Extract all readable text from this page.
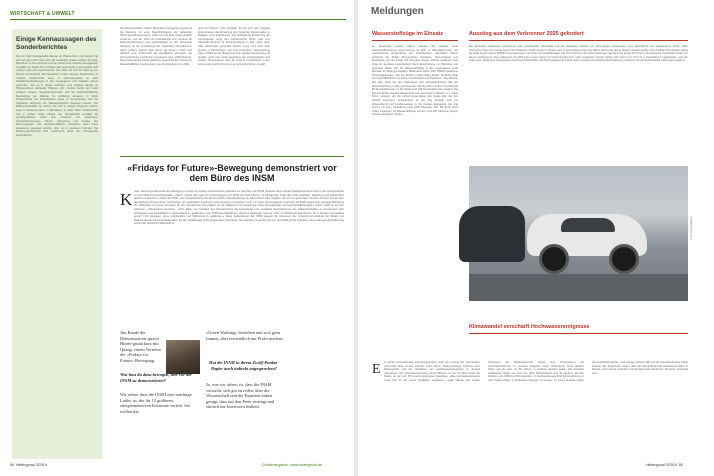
WIRTSCHAFT & UMWELT
Einige Kennaussagen des Sonderberichtes
Die pro Kopf bereitgestellte Menge an Pflanzenölen und Fleisch hat sich seit dem Jahr 1961 mehr als verdoppelt. Zudem werden für jeden Menschen im Durchschnitt rund ein Drittel mehr Kalorien bereitgestellt. Ungefähr ein Viertel bis ein Drittel aller produzierten Lebensmittel geht verloren oder wird verschwendet. Seit 1961 hat sich die Nutzung von Dünger verneunfacht. Die Vegetation in Asien, Europa, Südamerika, im mittleren Nordamerika sowie in Südostaustralien ist nach Satellitenbeobachtungen in den vergangenen drei Dekaden grüner geworden, weil es in diesen Gebieten eine größere Menge an Photosynthese treibender Pflanzen gibt. Gründe hierfür sind unter anderem längere Vegetationsperioden und die landwirtschaftliche Bearbeitung von Flächen. Im nördlichen Eurasien, in Teilen Nordamerikas und Zentralasiens sowie im Kongobecken wird die Vegetation aufgrund von Wasserknappheit dagegen brauner. Die Wahrscheinlichkeit für Dürren hat sich in einigen Regionen erhöht, etwa im Mittelmeerraum, in Westasien, in vielen Teilen Südamerikas und in großen Teilen Afrikas. Der Klimawandel verstärkt die Landdegradation durch eine Zunahme von Starkregen, Überschwemmungen, Dürren, Hitzestress und Anstieg des Meeresspiegels. Die landwirtschaftliche Produktion kann durch Anpassung gesteigert werden, aber nur in gewissen Grenzen. Die Ernährungssicherheit wird zunehmend durch den Klimawandel beeinträchtigt.
die Hilfsorganisation Oxfam. Besonders besorgniserregend sei die Warnung vor einer Beeinträchtigung der weltweiten Nahrungsmittelversorgung, sollte sich die Erde weiter deutlich erwärmen. Aus der Sicht von Livia Rasche vom Centrum für Erdsystemforschung und Nachhaltigkeit an der Universität Hamburg ist die Entwicklung der Vegetation überraschend. «Eine größere Fläche wird grüner als braun.» Noch wird dadurch mehr Kohlenstoff auf Landflächen gebunden, als durch Abholzung und Rodung freigesetzt wird, erklärt Rasche. Diese Entwicklung werde allerdings angesichts des Trends zur klimaschädlichen Landnutzung, wie der Zerstörung von Wäl-
dern und Mooren, nicht anhalten. So hat sich nach jüngsten Erkenntnissen die Abholzung des tropischen Regenwaldes in Brasilien noch beschleunigt. Die ökologische Erwärmung der Landregionen sorgt den Klimaforscher Mojib Latif vom Helmholtz-Zentrum für Ozeanforschung in Kiel. «Das zeigt, dass schleunigst gehandelt werden muss, und zwar auch gerade in Deutschland, das eine besondere Verantwortung trägt.» Selbst bei der Begrenzung der globalen Erwärmung auf deutlich unter zwei Grad gegenüber der vorindustriellen Zeit würden Temperaturen über 40 Grad in Deutschland in den kommenden Jahrzehnten immer wahrscheinlicher, so Latif.
«Fridays for Future»-Bewegung demonstriert vor dem Büro des INSM
K napp 1000 junge Menschen der Bewegung «Fridays for Future» demonstrierten lautstark vor dem Büro der INSM (Initiative Neue Soziale Marktwirtschaft GmbH) in der Georgenstraße vor dem Bahnhof Friedrichstraße in Berlin. Anlass dazu gab ein Positionspapier der INSM mit zwölf Thesen zur Klimapolitik. Unter dem Titel «Sachlich, Wachstum und Klimaschutz gehören zusammen» erklärt die INSM: «Die Klimawandel ist die derzeit größte Herausforderung der Menschheit. Eine Aufgabe, die wir nur gemeinsam meistern können, bei der aber Deutschland mit innovativer Technologie, mit marktnahen Konzepten und Lösungen vorangehen muss.» In ihrem Positionspapier weist sich die INSM gegen eine einseitige Belastung der Wirtschaft und bietet Konzepte für den Klimaschutz und plädiert für die Stärkung und Ausweitung eines internationalen Emissionshandelssystems. Hierzu heißt es bei den Aktivisten: «Klimaschutz erreichen, «ohne allein aus Gründen des Klimaschutzes die bestehende und verteilbare Spezialisierung der Volkswirtschaften zu bevorzugen oder aufzugeben und Arbeitsplätze in Deutschland zu gefährden». Der INSM-Geschäftsführer Hubertus Pellengahr betonte: «Nur mit Marktwirtschaft können wir in Europa und weltweit gezielt CO2 einsparen, ohne Arbeitsplätze und Wohlstand zu gefährden.» Diese Selbstsbinger der INSM spiegelt die Interessen der Unternehmerverbände der Metall- und Elektroindustrie (Gesamtmetall) wider, die die marktliberale Lobbyorganisation finanzieren. Die operative Geschäft wird von der INSM GmbH betrieben, deren Alleingesellschafter das Institut der deutschen Wirtschaft ist.
Am Rande der Demonstration sprach Hinter-grund kurz mit Quang, einem Vertreter der «Fridays for Future»-Bewegung.
Was hast du dazu bewogen, hier vor der INSM zu demonstrieren?
Wir sehen, dass die INSM eine mächtige Lobby ist, die für 13 größeren, energieintensiven Konzerne vertritt. Sie wollen das
«Green Washing» betreiben und sich grün framen, aber letztendlich nur Profit machen.
Hat die INSM in ihrem Zwölf-Punkte-Papier auch indirekt angesprochen?
Ja, was wir sehen, ist, dass die INSM versucht, sich gut zu reden, über die Wissenschaft und die Experten haben gesagt, dass nur den Preis verringt und einfach nur Interessen bedient.
54 Hintergrund 3/2019	Quellenangaben: www.hintergrund.de
Meldungen
Wasserstoffzüge im Einsatz
Im September letzten Jahres startete der weltweit erste wasserstoffbetriebene Personenzug. Er fährt im Elbe-Weser-Netz, der emissionsfreie Regionalzug des französischen Herstellers Alstom verbindet die Städte Bremervörde, Cuxhaven, Bremerhaven und Buxtehude. Auf der knapp 100 Kilometer langen Strecke verkehren zwei Züge im regulären Linienbetrieb. Nach Einschätzung von Betreiber und Hersteller haben sich die Wasserstoffzüge in den vergangenen zwölf Monaten im Alltag gut bewährt. Mittlerweile haben über 180000 gefahrene Fahrzeugkilometer, was ein absolut problemloser Ablauf. Ähnliche Züge der Geschäftsführer von Alstom Deutschland und Österreich, Jörg Nikutta, laut dpa. Auch bei den Fahrgästen und Verkehrsbetrieben fällt der Wasserstoffzug im Alltag gut bewertet. Die Zug fährt mit dem Durchschnitt 80 Stundenkilometer, in der Spitze sind 140 Stundenkilometer möglich. Die Brennstoffzelle wandelt Wasserstoff und Sauerstoff in Wasser um, wobei Strom entsteht, der die Lithium-Ionen-Akkus des Zuges lädt, die den Antrieb versorgen. Emissionsfrei ist der Zug deshalb, weil nur Wasserdampf und Kondenswasser in die Umwelt abgegeben. Ein Zug kommt mit einer Tankfüllung etwa 1000 Kilometer weit. Bis Ende 2021 sollen insgesamt 14 Wasserstoffzüge auf der rund 100 Kilometer langen Strecke eingesetzt werden.
Ausstieg aus dem Verbrenner 2025 gefordert
Die deutschen Autobauer verzeichnen trotz vereinfachter Klimaziele und der weltweiten Abkehr von schmutzigen Verbrennern eine Rekordzahl neu zugelassener SUVs. Nach Hochrechnungen des Center Automotive Research (CAR) werden in diesem Jahr in Deutschland etwa eine Million Fahrzeuge dieser Klasse verkauft werden. Das Kraftfahrt-Bundesamt zählte bis Ende August bereits 680000 Neuzulassungen von SUV und Geländewagen. Der SUV-Anteil an den Neuzulassungen lag damit bei knapp 30 Prozent. Die Deutsche Umwelthilfe fordert vor diesem Hintergrund, dass spätestens ab 2025 keine neuen Autos mit Verbrennungsmotor mehr zugelassen werden dürfen. Der Trend zum SUV ist in Deutschland ungebrochen, sagt der Leiter einer Studie des Autoexperten Ferdinand Dudenhöffer. Die Bundesregierung müsse rasch mit einer steuerlichen Mehrbelastung schwerer und verbrauchsstarker Fahrzeuge reagieren.
Foto: picture alliance
Klimawandel verschärft Hochwasserereignisse
E in großes internationales Forschungsprojekt unter der Leitung der Technischen Universität Wien konnte erstmals einen klaren Zusammenhang zwischen dem Klimawandel und der Häufigkeit von Hochwasserereignissen in Europa nachweisen. Der Hochwasserexperte Günter Blöschl von der TU Wien leitete die Studie, an der sich 35 Forschungsgruppen beteiligten. «Das Hochwasserereignis muss sich an die neuen Realitäten anpassen», sagte Nikutta. Die besten Prototypen aus Niederösterreich zeigen eine Verschiebung der Hochwassertermine. In manchen Regionen treten Hochwasser heute deutlich früher auf als noch vor 50 Jahren, in anderen deutlich später. Die Forscher analysierten Daten von mehr als 4000 Messstationen aus 38 Ländern, die den Zeitraum von 1960 bis 2010 abdecken. In Nordwesteuropa führt die Erwärmung zu mehr Niederschlag, in Südeuropa dagegen zu weniger. Im Osten Europas sinken die Hochwasserspitzen, weil weniger Schnee fällt und die Schneeschmelze früher einsetzt. Die Ergebnisse zeigen, dass der Klimawandel die Hochwasserrisiken in Europa schon heute verändert und Anpassungsmaßnahmen dringend notwendig sind.
Hintergrund 3/2019 55
